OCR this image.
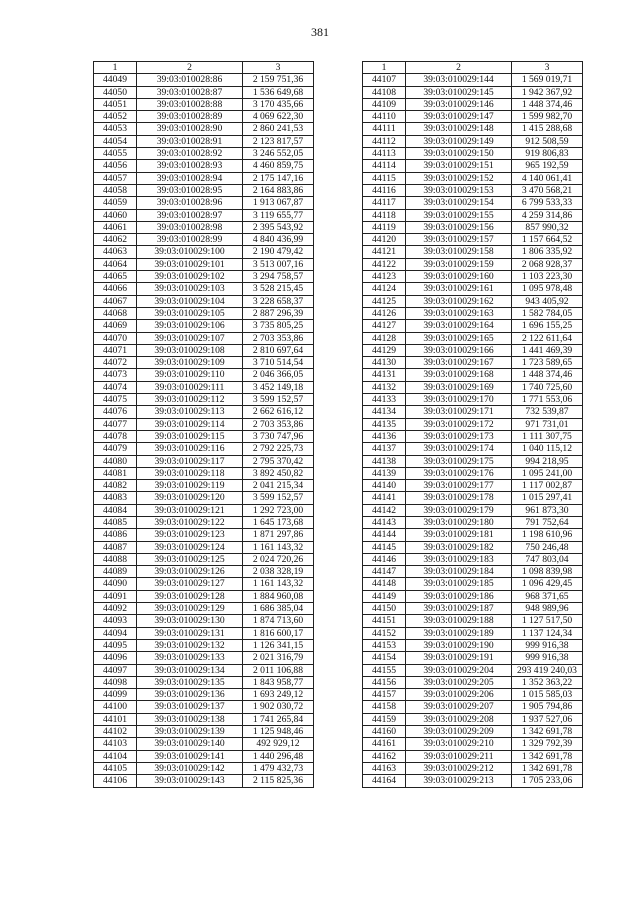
381
1	2	3
44049	39:03:010028:86	2 159 751,36
44050	39:03:010028:87	1 536 649,68
44051	39:03:010028:88	3 170 435,66
44052	39:03:010028:89	4 069 622,30
44053	39:03:010028:90	2 860 241,53
44054	39:03:010028:91	2 123 817,57
44055	39:03:010028:92	3 246 552,05
44056	39:03:010028:93	4 460 859,75
44057	39:03:010028:94	2 175 147,16
44058	39:03:010028:95	2 164 883,86
44059	39:03:010028:96	1 913 067,87
44060	39:03:010028:97	3 119 655,77
44061	39:03:010028:98	2 395 543,92
44062	39:03:010028:99	4 840 436,99
44063	39:03:010029:100	2 190 479,42
44064	39:03:010029:101	3 513 007,16
44065	39:03:010029:102	3 294 758,57
44066	39:03:010029:103	3 528 215,45
44067	39:03:010029:104	3 228 658,37
44068	39:03:010029:105	2 887 296,39
44069	39:03:010029:106	3 735 805,25
44070	39:03:010029:107	2 703 353,86
44071	39:03:010029:108	2 810 697,64
44072	39:03:010029:109	3 710 514,54
44073	39:03:010029:110	2 046 366,05
44074	39:03:010029:111	3 452 149,18
44075	39:03:010029:112	3 599 152,57
44076	39:03:010029:113	2 662 616,12
44077	39:03:010029:114	2 703 353,86
44078	39:03:010029:115	3 730 747,96
44079	39:03:010029:116	2 792 225,73
44080	39:03:010029:117	2 795 370,42
44081	39:03:010029:118	3 892 450,82
44082	39:03:010029:119	2 041 215,34
44083	39:03:010029:120	3 599 152,57
44084	39:03:010029:121	1 292 723,00
44085	39:03:010029:122	1 645 173,68
44086	39:03:010029:123	1 871 297,86
44087	39:03:010029:124	1 161 143,32
44088	39:03:010029:125	2 024 720,26
44089	39:03:010029:126	2 038 328,19
44090	39:03:010029:127	1 161 143,32
44091	39:03:010029:128	1 884 960,08
44092	39:03:010029:129	1 686 385,04
44093	39:03:010029:130	1 874 713,60
44094	39:03:010029:131	1 816 600,17
44095	39:03:010029:132	1 126 341,15
44096	39:03:010029:133	2 021 316,79
44097	39:03:010029:134	2 011 106,88
44098	39:03:010029:135	1 843 958,77
44099	39:03:010029:136	1 693 249,12
44100	39:03:010029:137	1 902 030,72
44101	39:03:010029:138	1 741 265,84
44102	39:03:010029:139	1 125 948,46
44103	39:03:010029:140	492 929,12
44104	39:03:010029:141	1 440 296,48
44105	39:03:010029:142	1 479 432,73
44106	39:03:010029:143	2 115 825,36
1	2	3
44107	39:03:010029:144	1 569 019,71
44108	39:03:010029:145	1 942 367,92
44109	39:03:010029:146	1 448 374,46
44110	39:03:010029:147	1 599 982,70
44111	39:03:010029:148	1 415 288,68
44112	39:03:010029:149	912 508,59
44113	39:03:010029:150	919 806,83
44114	39:03:010029:151	965 192,59
44115	39:03:010029:152	4 140 061,41
44116	39:03:010029:153	3 470 568,21
44117	39:03:010029:154	6 799 533,33
44118	39:03:010029:155	4 259 314,86
44119	39:03:010029:156	857 990,32
44120	39:03:010029:157	1 157 664,52
44121	39:03:010029:158	1 806 335,92
44122	39:03:010029:159	2 068 928,37
44123	39:03:010029:160	1 103 223,30
44124	39:03:010029:161	1 095 978,48
44125	39:03:010029:162	943 405,92
44126	39:03:010029:163	1 582 784,05
44127	39:03:010029:164	1 696 155,25
44128	39:03:010029:165	2 122 611,64
44129	39:03:010029:166	1 441 469,39
44130	39:03:010029:167	1 723 589,65
44131	39:03:010029:168	1 448 374,46
44132	39:03:010029:169	1 740 725,60
44133	39:03:010029:170	1 771 553,06
44134	39:03:010029:171	732 539,87
44135	39:03:010029:172	971 731,01
44136	39:03:010029:173	1 111 307,75
44137	39:03:010029:174	1 040 115,12
44138	39:03:010029:175	994 218,95
44139	39:03:010029:176	1 095 241,00
44140	39:03:010029:177	1 117 002,87
44141	39:03:010029:178	1 015 297,41
44142	39:03:010029:179	961 873,30
44143	39:03:010029:180	791 752,64
44144	39:03:010029:181	1 198 610,96
44145	39:03:010029:182	750 246,48
44146	39:03:010029:183	747 803,04
44147	39:03:010029:184	1 098 839,98
44148	39:03:010029:185	1 096 429,45
44149	39:03:010029:186	968 371,65
44150	39:03:010029:187	948 989,96
44151	39:03:010029:188	1 127 517,50
44152	39:03:010029:189	1 137 124,34
44153	39:03:010029:190	999 916,38
44154	39:03:010029:191	999 916,38
44155	39:03:010029:204	293 419 240,03
44156	39:03:010029:205	1 352 363,22
44157	39:03:010029:206	1 015 585,03
44158	39:03:010029:207	1 905 794,86
44159	39:03:010029:208	1 937 527,06
44160	39:03:010029:209	1 342 691,78
44161	39:03:010029:210	1 329 792,39
44162	39:03:010029:211	1 342 691,78
44163	39:03:010029:212	1 342 691,78
44164	39:03:010029:213	1 705 233,06
